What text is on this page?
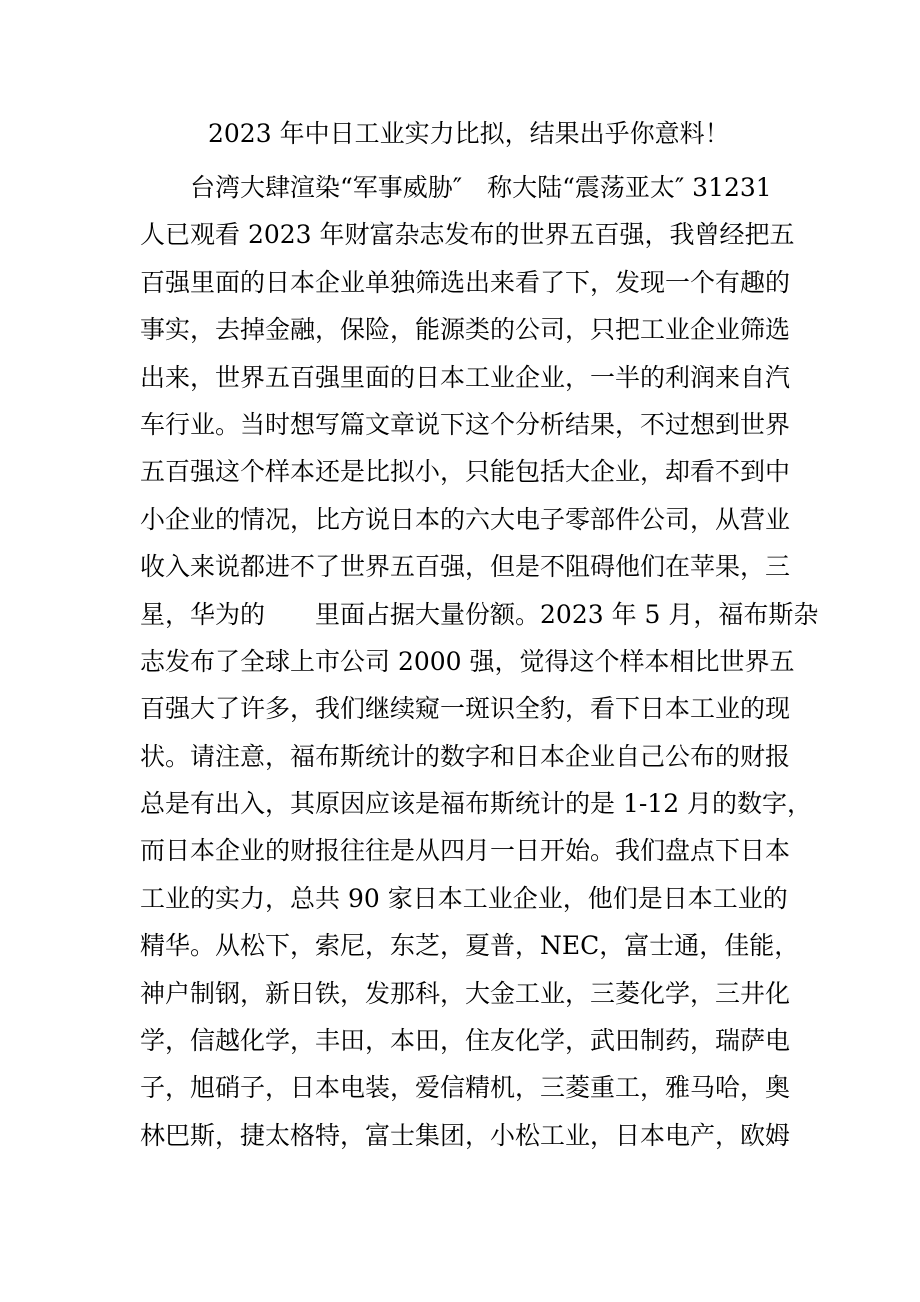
2023 年中日工业实力比拟，结果出乎你意料！
台湾大肆渲染“军事威胁″　称大陆“震荡亚太″ 31231
人已观看 2023 年财富杂志发布的世界五百强，我曾经把五
百强里面的日本企业单独筛选出来看了下，发现一个有趣的
事实，去掉金融，保险，能源类的公司，只把工业企业筛选
出来，世界五百强里面的日本工业企业，一半的利润来自汽
车行业。当时想写篇文章说下这个分析结果，不过想到世界
五百强这个样本还是比拟小，只能包括大企业，却看不到中
小企业的情况，比方说日本的六大电子零部件公司，从营业
收入来说都进不了世界五百强，但是不阻碍他们在苹果，三
星，华为的　　里面占据大量份额。2023 年 5 月，福布斯杂
志发布了全球上市公司 2000 强，觉得这个样本相比世界五
百强大了许多，我们继续窥一斑识全豹，看下日本工业的现
状。请注意，福布斯统计的数字和日本企业自己公布的财报
总是有出入，其原因应该是福布斯统计的是 1-12 月的数字，
而日本企业的财报往往是从四月一日开始。我们盘点下日本
工业的实力，总共 90 家日本工业企业，他们是日本工业的
精华。从松下，索尼，东芝，夏普，NEC，富士通，佳能，
神户制钢，新日铁，发那科，大金工业，三菱化学，三井化
学，信越化学，丰田，本田，住友化学，武田制药，瑞萨电
子，旭硝子，日本电装，爱信精机，三菱重工，雅马哈，奥
林巴斯，捷太格特，富士集团，小松工业，日本电产，欧姆
